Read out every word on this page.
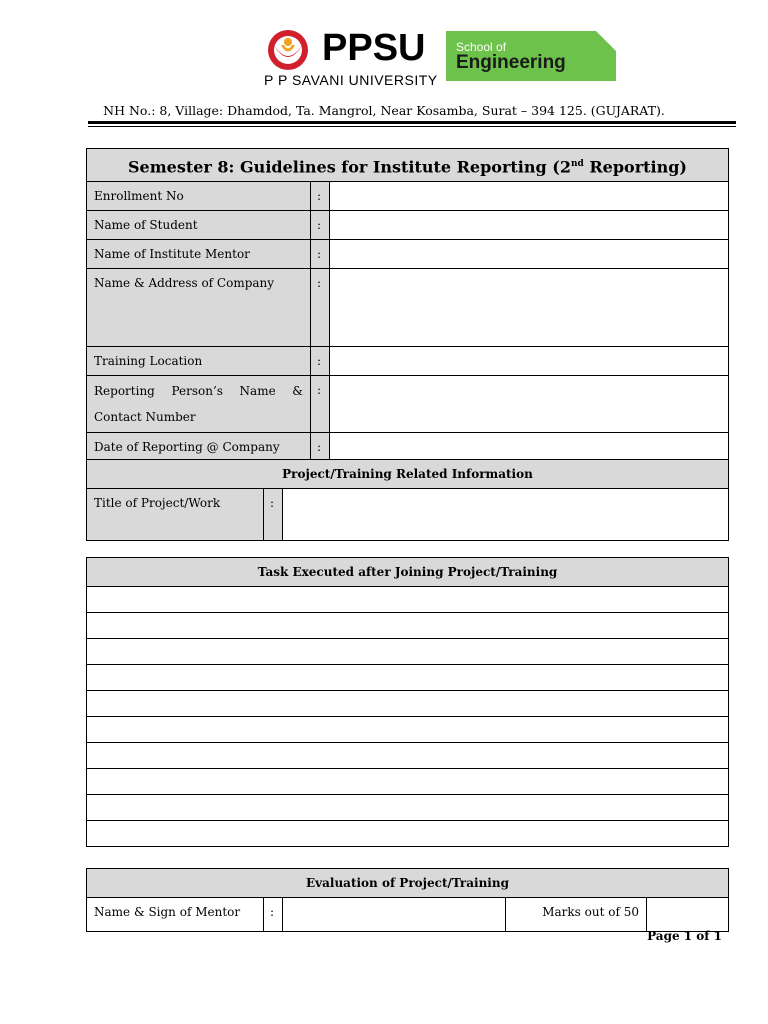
PPSU
P P SAVANI UNIVERSITY
School of
Engineering
NH No.: 8, Village: Dhamdod, Ta. Mangrol, Near Kosamba, Surat – 394 125. (GUJARAT).
Semester 8: Guidelines for Institute Reporting (2nd Reporting)		
Enrollment No	:	
Name of Student	:	
Name of Institute Mentor	:	
Name & Address of Company	:	
Training Location	:	
Reporting Person’s Name & Contact Number	:	
Date of Reporting @ Company	:	
Project/Training Related Information
Title of Project/Work	:	
Task Executed after Joining Project/Training

Evaluation of Project/Training
Name & Sign of Mentor	:		Marks out of 50	
Page 1 of 1
